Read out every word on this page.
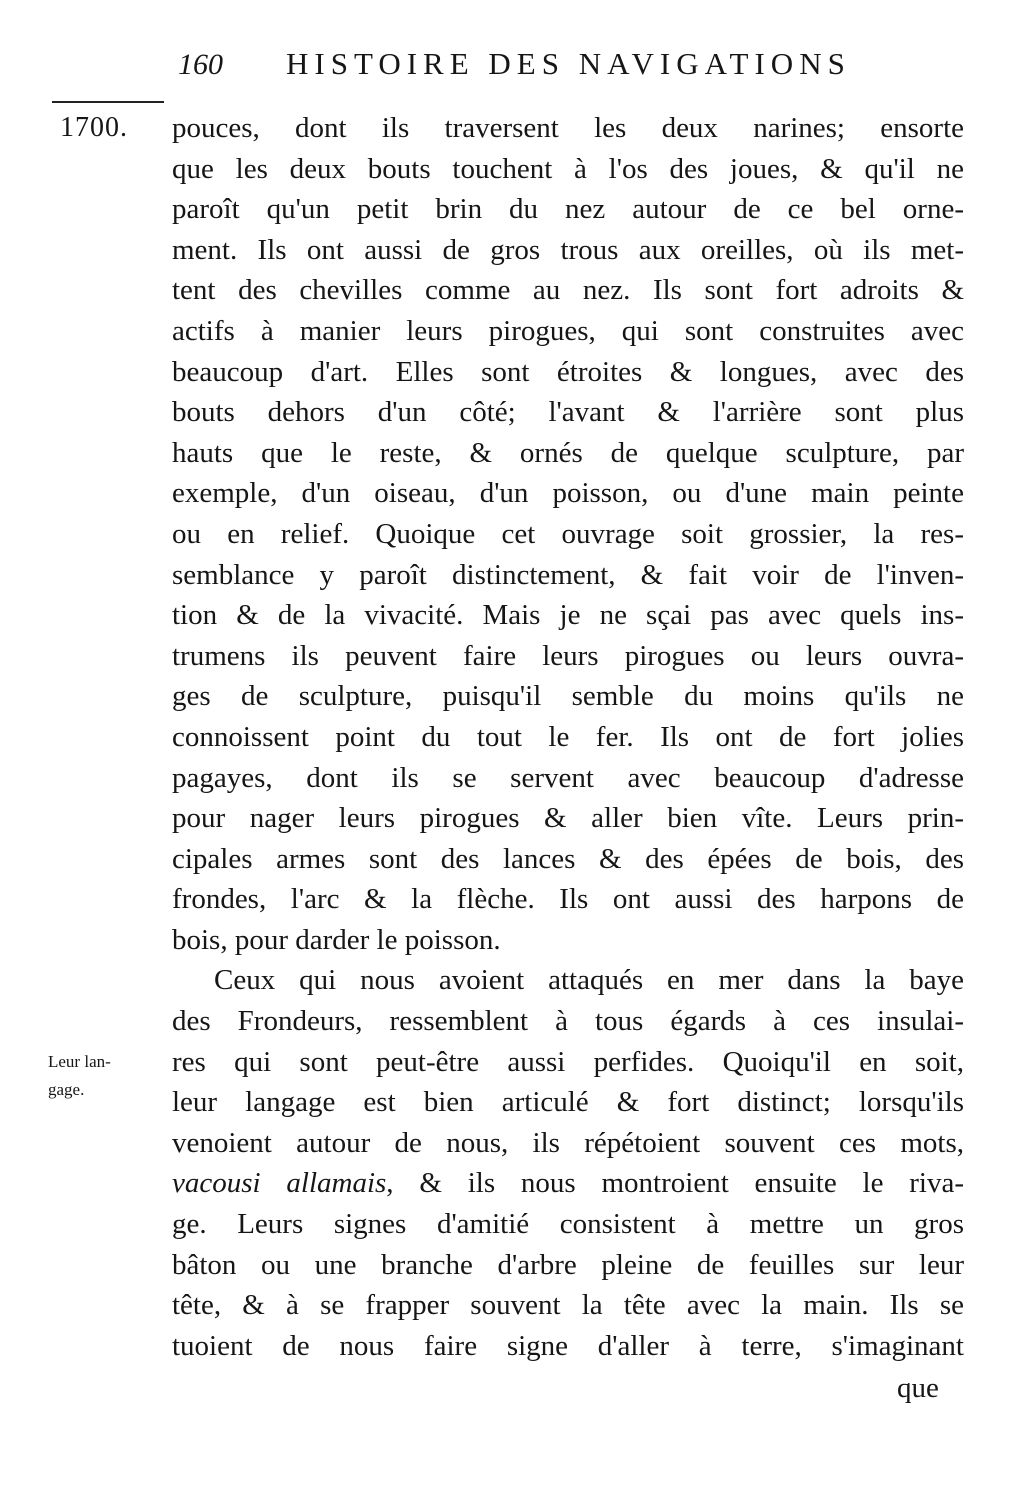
160 HISTOIRE DES NAVIGATIONS
1700.
Leur lan-
gage.
pouces, dont ils traversent les deux narines; ensorte
que les deux bouts touchent à l'os des joues, & qu'il ne
paroît qu'un petit brin du nez autour de ce bel orne-
ment. Ils ont aussi de gros trous aux oreilles, où ils met-
tent des chevilles comme au nez. Ils sont fort adroits &
actifs à manier leurs pirogues, qui sont construites avec
beaucoup d'art. Elles sont étroites & longues, avec des
bouts dehors d'un côté; l'avant & l'arrière sont plus
hauts que le reste, & ornés de quelque sculpture, par
exemple, d'un oiseau, d'un poisson, ou d'une main peinte
ou en relief. Quoique cet ouvrage soit grossier, la res-
semblance y paroît distinctement, & fait voir de l'inven-
tion & de la vivacité. Mais je ne sçai pas avec quels ins-
trumens ils peuvent faire leurs pirogues ou leurs ouvra-
ges de sculpture, puisqu'il semble du moins qu'ils ne
connoissent point du tout le fer. Ils ont de fort jolies
pagayes, dont ils se servent avec beaucoup d'adresse
pour nager leurs pirogues & aller bien vîte. Leurs prin-
cipales armes sont des lances & des épées de bois, des
frondes, l'arc & la flèche. Ils ont aussi des harpons de
bois, pour darder le poisson.
Ceux qui nous avoient attaqués en mer dans la baye
des Frondeurs, ressemblent à tous égards à ces insulai-
res qui sont peut-être aussi perfides. Quoiqu'il en soit,
leur langage est bien articulé & fort distinct; lorsqu'ils
venoient autour de nous, ils répétoient souvent ces mots,
vacousi allamais, & ils nous montroient ensuite le riva-
ge. Leurs signes d'amitié consistent à mettre un gros
bâton ou une branche d'arbre pleine de feuilles sur leur
tête, & à se frapper souvent la tête avec la main. Ils se
tuoient de nous faire signe d'aller à terre, s'imaginant
que
